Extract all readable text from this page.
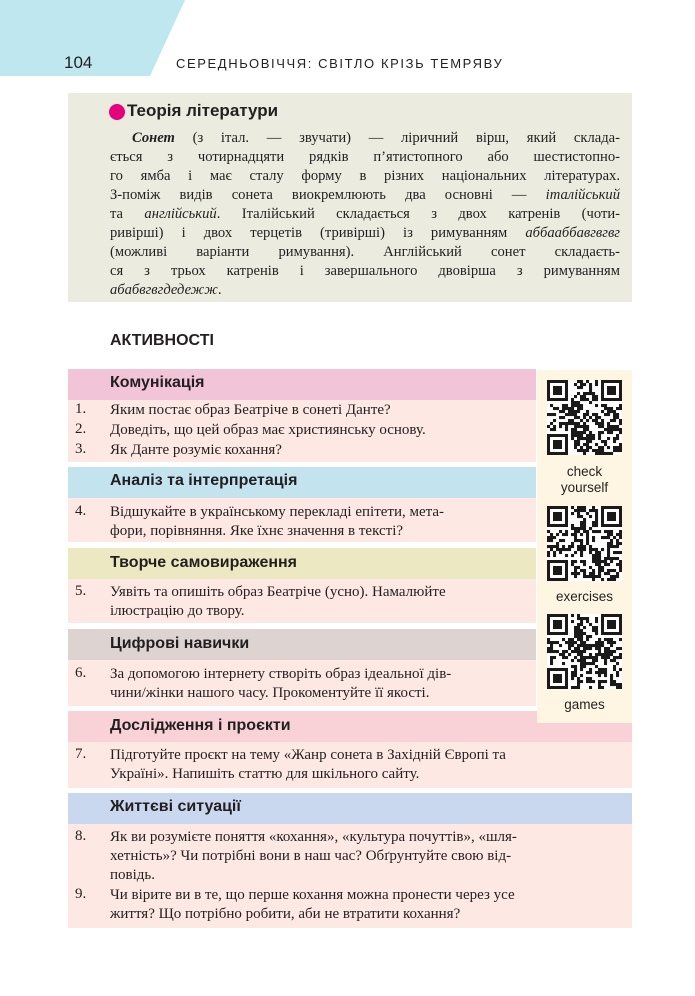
104	СЕРЕДНЬОВІЧЧЯ: СВІТЛО КРІЗЬ ТЕМРЯВУ
Теорія літератури
Сонет (з італ. — звучати) — ліричний вірш, який склада-
ється з чотирнадцяти рядків п’ятистопного або шестистопно-
го ямба і має сталу форму в різних національних літературах.
З-поміж видів сонета виокремлюють два основні — італійський
та англійський. Італійський складається з двох катренів (чоти-
ривірші) і двох терцетів (тривірші) із римуванням аббаабба​вгвгвг
(можливі варіанти римування). Англійський сонет складаєть-
ся з трьох катренів і завершального двовірша з римуванням
абабвгвгдедежж.
АКТИВНОСТІ
Комунікація
1. Яким постає образ Беатріче в сонеті Данте?
2. Доведіть, що цей образ має християнську основу.
3. Як Данте розуміє кохання?
Аналіз та інтерпретація
4. Відшукайте в українському перекладі епітети, мета-
фори, порівняння. Яке їхнє значення в тексті?
Творче самовираження
5. Уявіть та опишіть образ Беатріче (усно). Намалюйте
ілюстрацію до твору.
Цифрові навички
6. За допомогою інтернету створіть образ ідеальної дів-
чини/жінки нашого часу. Прокоментуйте її якості.
Дослідження і проєкти
7. Підготуйте проєкт на тему «Жанр сонета в Західній Європі та
Україні». Напишіть статтю для шкільного сайту.
Життєві ситуації
8. Як ви розумієте поняття «кохання», «культура почуттів», «шля-
хетність»? Чи потрібні вони в наш час? Обґрунтуйте свою від-
повідь.
9. Чи вірите ви в те, що перше кохання можна пронести через усе
життя? Що потрібно робити, аби не втратити кохання?
check
yourself
exercises
games
